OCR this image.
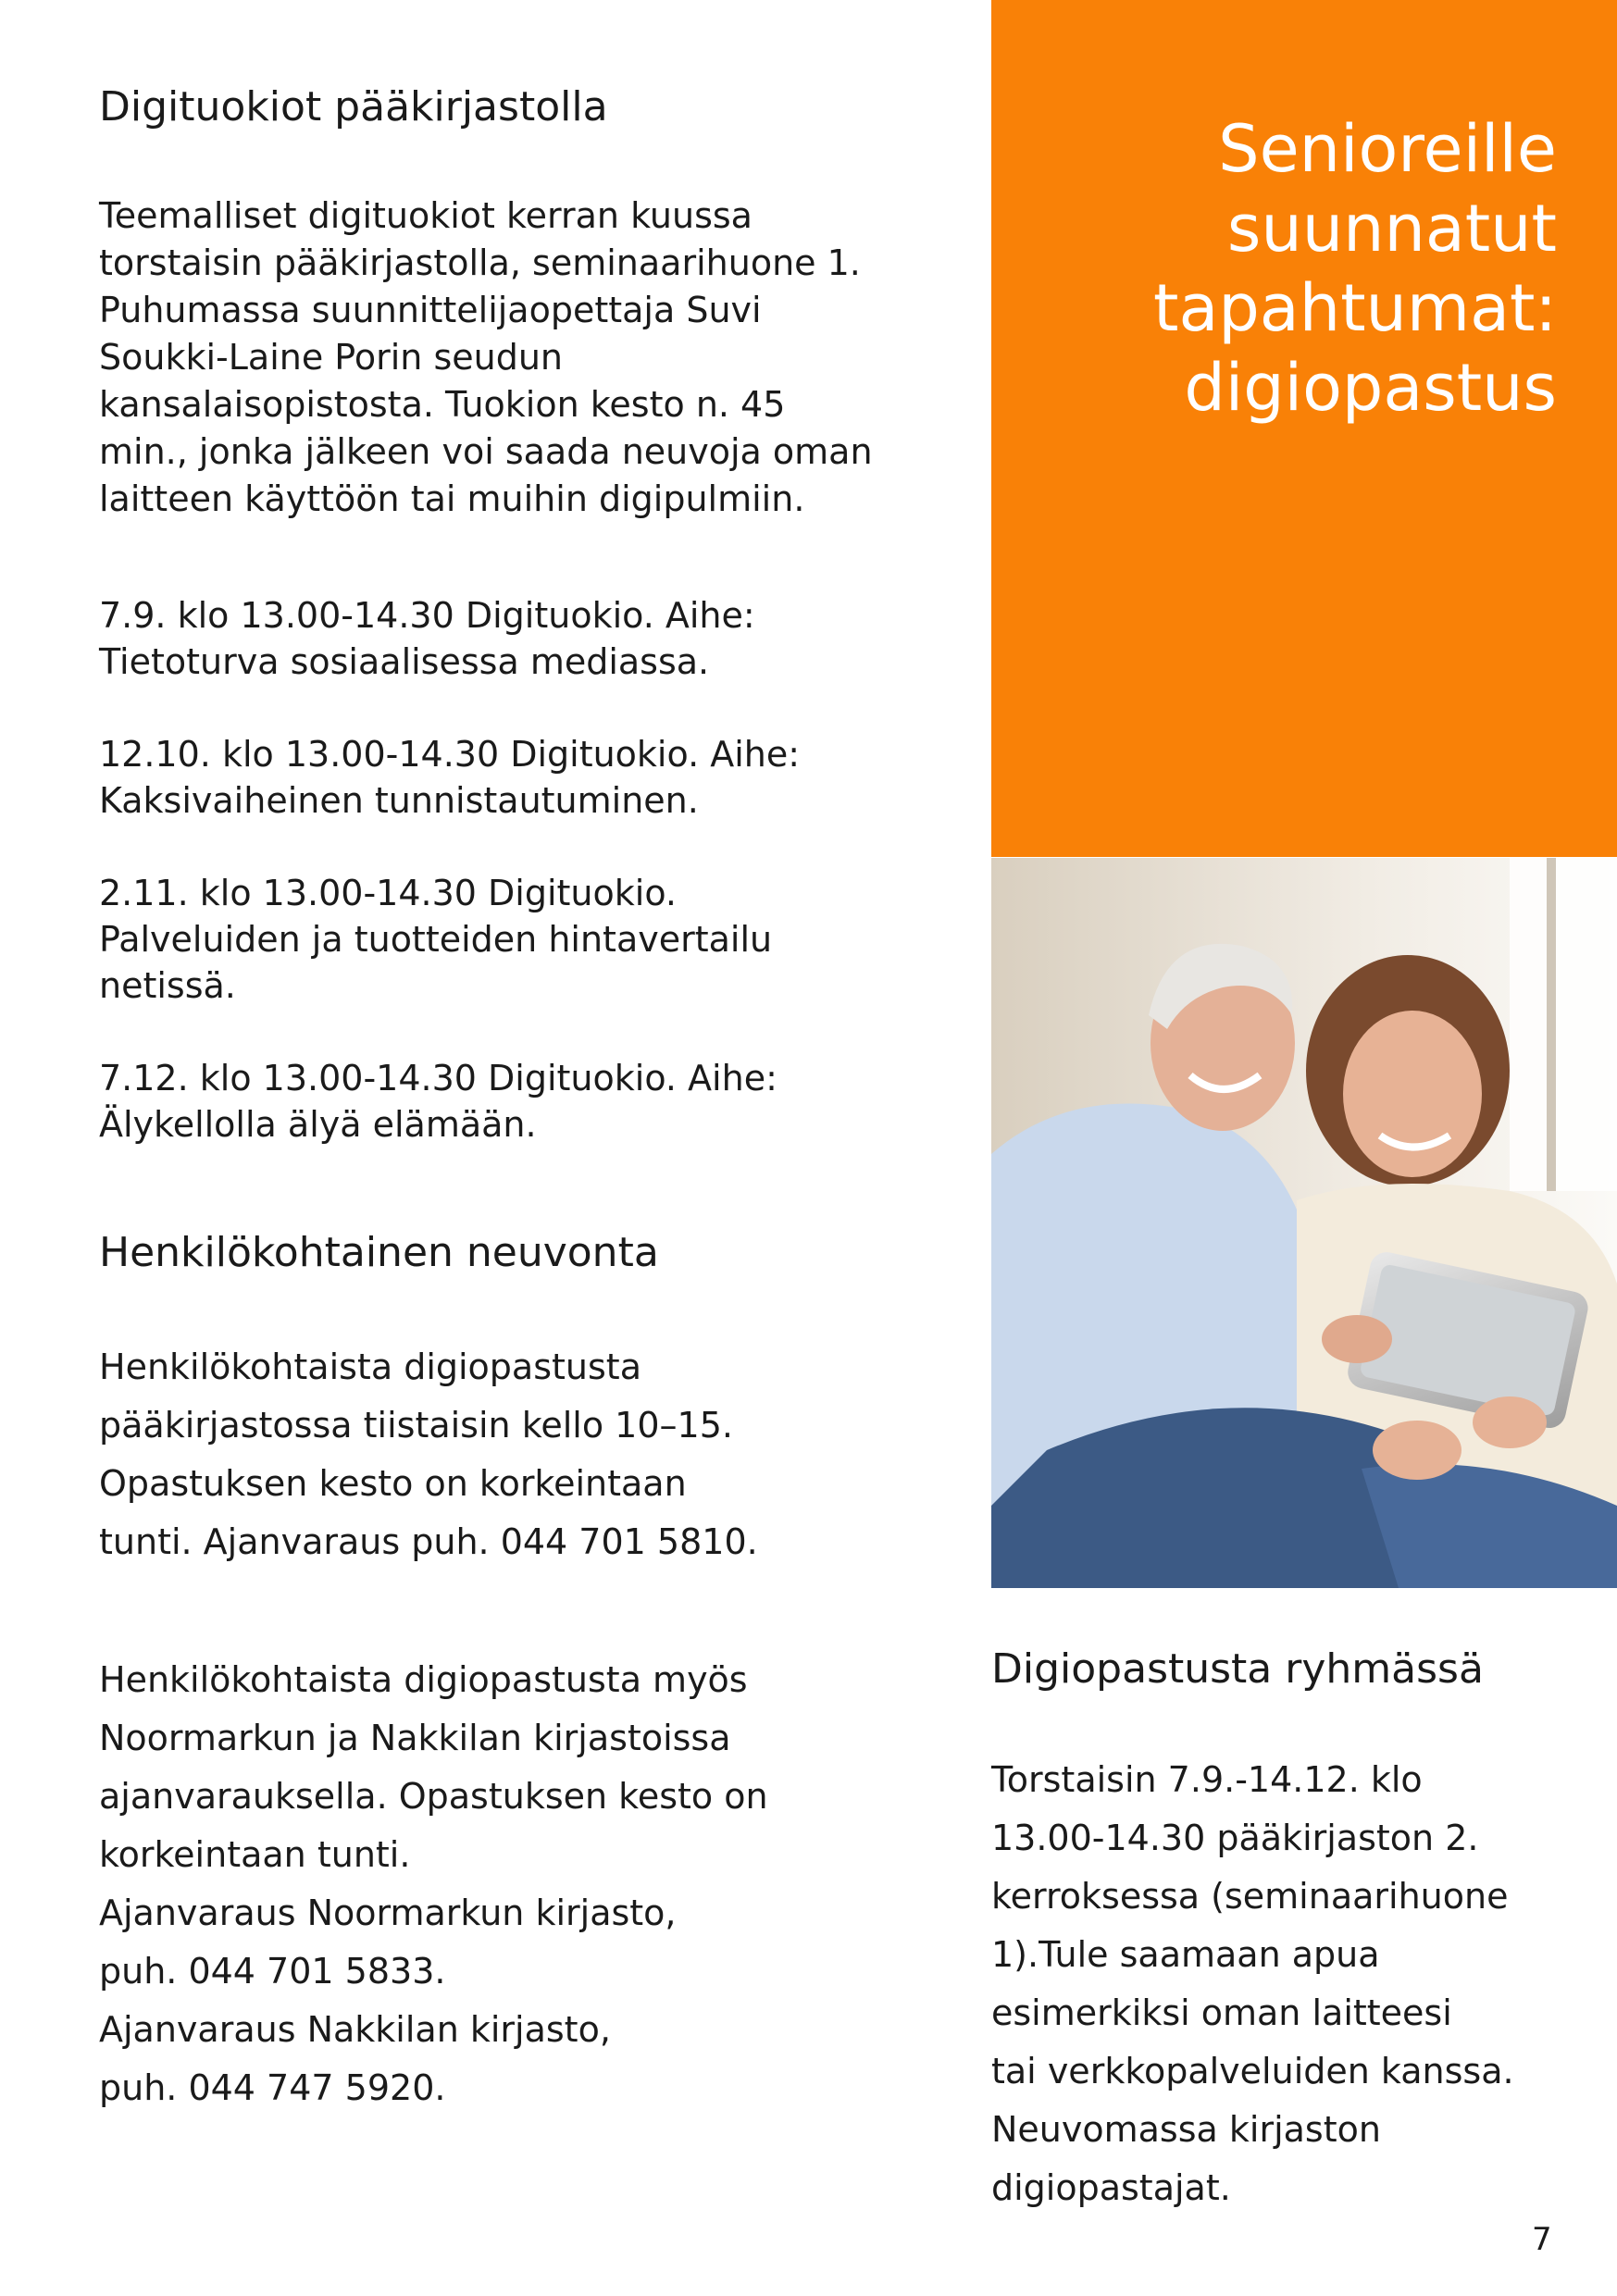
Digituokiot pääkirjastolla

Teemalliset digituokiot kerran kuussa
torstaisin pääkirjastolla, seminaarihuone 1.
Puhumassa suunnittelijaopettaja Suvi
Soukki-Laine Porin seudun
kansalaisopistosta. Tuokion kesto n. 45
min., jonka jälkeen voi saada neuvoja oman
laitteen käyttöön tai muihin digipulmiin.

7.9. klo 13.00-14.30 Digituokio. Aihe:
Tietoturva sosiaalisessa mediassa.

12.10. klo 13.00-14.30 Digituokio. Aihe:
Kaksivaiheinen tunnistautuminen.

2.11. klo 13.00-14.30 Digituokio.
Palveluiden ja tuotteiden hintavertailu
netissä.

7.12. klo 13.00-14.30 Digituokio. Aihe:
Älykellolla älyä elämään.

Henkilökohtainen neuvonta

Henkilökohtaista digiopastusta
pääkirjastossa tiistaisin kello 10–15.
Opastuksen kesto on korkeintaan
tunti. Ajanvaraus puh. 044 701 5810.

Henkilökohtaista digiopastusta myös
Noormarkun ja Nakkilan kirjastoissa
ajanvarauksella. Opastuksen kesto on
korkeintaan tunti.
Ajanvaraus Noormarkun kirjasto,
puh. 044 701 5833.
Ajanvaraus Nakkilan kirjasto,
puh. 044 747 5920.

Senioreille
suunnatut
tapahtumat:
digiopastus
Digiopastusta ryhmässä

Torstaisin 7.9.-14.12. klo
13.00-14.30 pääkirjaston 2.
kerroksessa (seminaarihuone
1).Tule saamaan apua
esimerkiksi oman laitteesi
tai verkkopalveluiden kanssa.
Neuvomassa kirjaston
digiopastajat.

7
